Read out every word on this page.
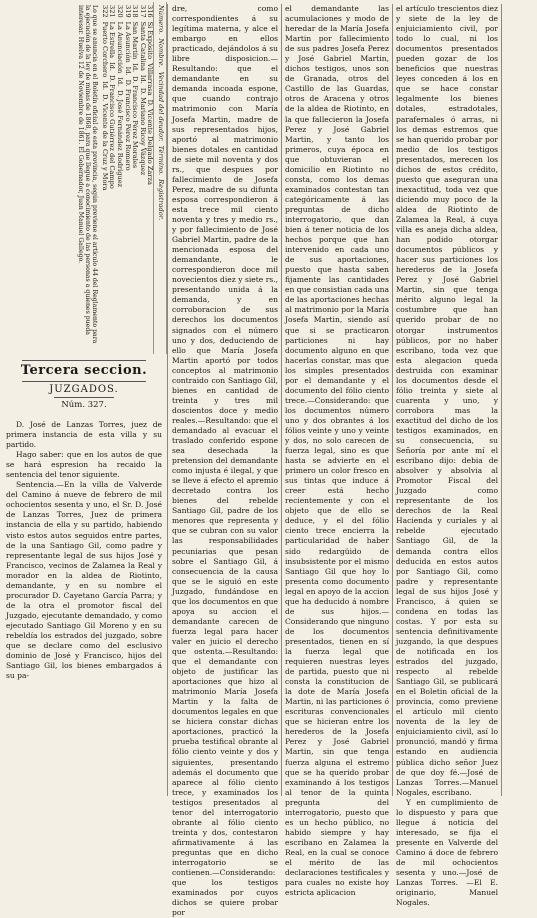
Número.
Nombre.
Vecindad del deudor.
Término.
Registrador.
316
Si Expósito
Villarrasa
D. Vicente Delgado Zarza
317
Santa Catalina
Id.
D. Mariano Ricoy Vázquez
318
San Martín
Id.
D. Francisco Pérez Morales
319
La Asunción
Id.
D. Francisco Pérez Romero
320
La Anunciación
Id.
D. José Fernández Rodríguez
321
La Estrella
Id.
D. Francisco Gutiérrez del Campo
322
Puerto Corchero
Id.
D. Vicente de la Cruz y Mora
Lo que se anuncia en el Boletín oficial de esta provincia, según previene el artículo 44 del Reglamento para la ejecución de la ley de minas de 1868, para que llegue a conocimiento de las personas a quienes pueda interesar. Huelva 12 de Noviembre de 1861. El Gobernador, Juan Manuel Gallego.
Tercera seccion.
JUZGADOS.
Núm. 327.

D. José de Lanzas Torres, juez de primera instancia de esta villa y su partido.

Hago saber: que en los autos de que se hará espresion ha recaido la sentencia del tenor siguiente.

Sentencia.—En la villa de Valverde del Camino á nueve de febrero de mil ochocientos sesenta y uno, el Sr. D. José de Lanzas Torres, Juez de primera instancia de ella y su partido, habiendo visto estos autos seguidos entre partes, de la una Santiago Gil, como padre y representante legal de sus hijos José y Francisco, vecinos de Zalamea la Real y morador en la aldea de Riotinto, demandante, y en su nombre el procurador D. Cayetano García Parra; y de la otra el promotor fiscal del Juzgado, ejecutante demandado, y como ejecutado Santiago Gil Moreno y en su rebeldía los estrados del juzgado, sobre que se declare como del esclusivo dominio de José y Francisco, hijos del Santiago Gil, los bienes embargados á su pa-

dre, como correspondientes á su legítima materna, y alce el embargo en ellos practicado, dejándolos á su libre disposicion.—Resultando: que el demandante en su demanda incoada espone, que cuando contrajo matrimonio con María Josefa Martin, madre de sus representados hijos, aportó al matrimonio bienes dotales en cantidad de siete mil noventa y dos rs., que despues por fallecimiento de Josefa Perez, madre de su difunta esposa correspondieron á esta trece mil ciento noventa y tres y medio rs., y por fallecimiento de José Gabriel Martin, padre de la mencionada esposa del demandante, le correspondieron doce mil novecientos diez y siete rs., presentando unida á la demanda, y en corroboracion de sus derechos los documentos signados con el número uno y dos, deduciendo de ello que María Josefa Martin aportó por todos conceptos al matrimonio contraido con Santiago Gil, bienes en cantidad de treinta y tres mil doscientos doce y medio reales.—Resultando: que el demandado al evacuar el traslado conferido espone sea desechada la pretension del demandante como injusta é ilegal, y que se lleve á efecto el apremio decretado contra los bienes del rebelde Santiago Gil, padre de los menores que representa y que se cubran con su valor las responsabilidades pecuniarias que pesan sobre el Santiago Gil, á consecuencia de la causa que se le siguió en este Juzgado, fundándose en que los documentos en que apoya su accion el demandante carecen de fuerza legal para hacer valer en juicio el derecho que ostenta.—Resultando: que el demandante con objeto de justificar las aportaciones que hizo al matrimonio María Josefa Martin y la falta de documentos legales en que se hiciera constar dichas aportaciones, practicó la prueba testifical obrante al fólio ciento veinte y dos y siguientes, presentando además el documento que aparece al fólio ciento trece, y examinados los testigos presentados al tenor del interrogatorio obrante al fólio ciento treinta y dos, contestaron afirmativamente á las preguntas que en dicho interrogatorio se contienen.—Considerando: que los testigos examinados por cuyos dichos se quiere probar por

el demandante las acumulaciones y modo de heredar de la María Josefa Martin por fallecimiento de sus padres Josefa Perez y José Gabriel Martin, dichos testigos, unos son de Granada, otros del Castillo de las Guardas, otros de Aracena y otros de la aldea de Riotinto, en la que fallecieron la Josefa Perez y José Gabriel Martin, y tanto los primeros, cuya época en que obtuvieran el domicilio en Riotinto no consta, como los demas examinados contestan tan categóricamente á las preguntas de dicho interrogatorio, que dan bien á tener noticia de los hechos porque que han intervenido en cada uno de sus aportaciones, puesto que hasta saben fijamente las cantidades en que consistian cada una de las aportaciones hechas al matrimonio por la María Josefa Martin, siendo así que si se practicaron particiones ni hay documento alguno en que hacerlas constar, mas que los simples presentados por el demandante y el documento del fólio ciento trece.—Considerando: que los documentos número uno y dos obrantes á los fólios veinte y uno y veinte y dos, no solo carecen de fuerza legal, sino es que hasta se advierte en el primero un color fresco en sus tintas que induce á creer está hecho recientemente y con el objeto que de ello se deduce, y el del fólio ciento trece encierra la particularidad de haber sido redargüido de insubsistente por el mismo Santiago Gil que hoy lo presenta como documento legal en apoyo de la accion que ha deducido á nombre de sus hijos.—Considerando que ninguno de los documentos presentados, tienen en sí la fuerza legal que requieren nuestras leyes de partida, puesto que ni consta la constitucion de la dote de María Josefa Martin, ni las particiones ó escrituras convencionales que se hicieran entre los herederos de la Josefa Perez y José Gabriel Martin, sin que tenga fuerza alguna el estremo que se ha querido probar examinando á los testigos al tenor de la quinta pregunta del interrogatorio, puesto que es un hecho público, no habido siempre y hay escribano en Zalamea la Real, en la cual se conoce el mérito de las declaraciones testificales y para cuales no existe hoy estricta aplicacion

el artículo trescientos diez y siete de la ley de enjuiciamiento civil, por todo lo cual, ni los documentos presentados pueden gozar de los beneficios que nuestras leyes conceden á los en que se hace constar legalmente los bienes dotales, estradotales, parafernales ó arras, ni los demas estremos que se han querido probar por medio de los testigos presentados, merecen los dichos de estos crédito, puesto que aseguran una inexactitud, toda vez que diciendo muy poco de la aldea de Riotinto de Zalamea la Real, á cuya villa es aneja dicha aldea, han podido otorgar documentos públicos y hacer sus particiones los herederos de la Josefa Perez y José Gabriel Martin, sin que tenga mérito alguno legal la costumbre que han querido probar de no otorgar instrumentos públicos, por no haber escribano, toda vez que esta alegacion queda destruida con examinar los documentos desde el fólio treinta y siete al cuarenta y uno, y corrobora mas la exactitud del dicho de los testigos examinados, en su consecuencia, su Señoría por ante mí el escribano dijo: debia de absolver y absolvia al Promotor Fiscal del Juzgado como representante de los derechos de la Real Hacienda y curiales y al rebelde ejecutado Santiago Gil, de la demanda contra ellos deducida en estos autos por Santiago Gil, como padre y representante legal de sus hijos José y Francisco, á quien se condena en todas las costas. Y por esta su sentencia definitivamente juzgando, la que despues de notificada en los estrados del juzgado, respecto al rebelde Santiago Gil, se publicará en el Boletin oficial de la provincia, como previene el artículo mil ciento noventa de la ley de enjuiciamiento civil, así lo pronunció, mandó y firma estando en audiencia pública dicho señor Juez de que doy fé.—José de Lanzas Torres.—Manuel Nogales, escribano.

Y en cumplimiento de lo dispuesto y para que llegue á noticia del interesado, se fija el presente en Valverde del Camino á doce de febrero de mil ochocientos sesenta y uno.—José de Lanzas Torres. —El E. originario, Manuel Nogales.
